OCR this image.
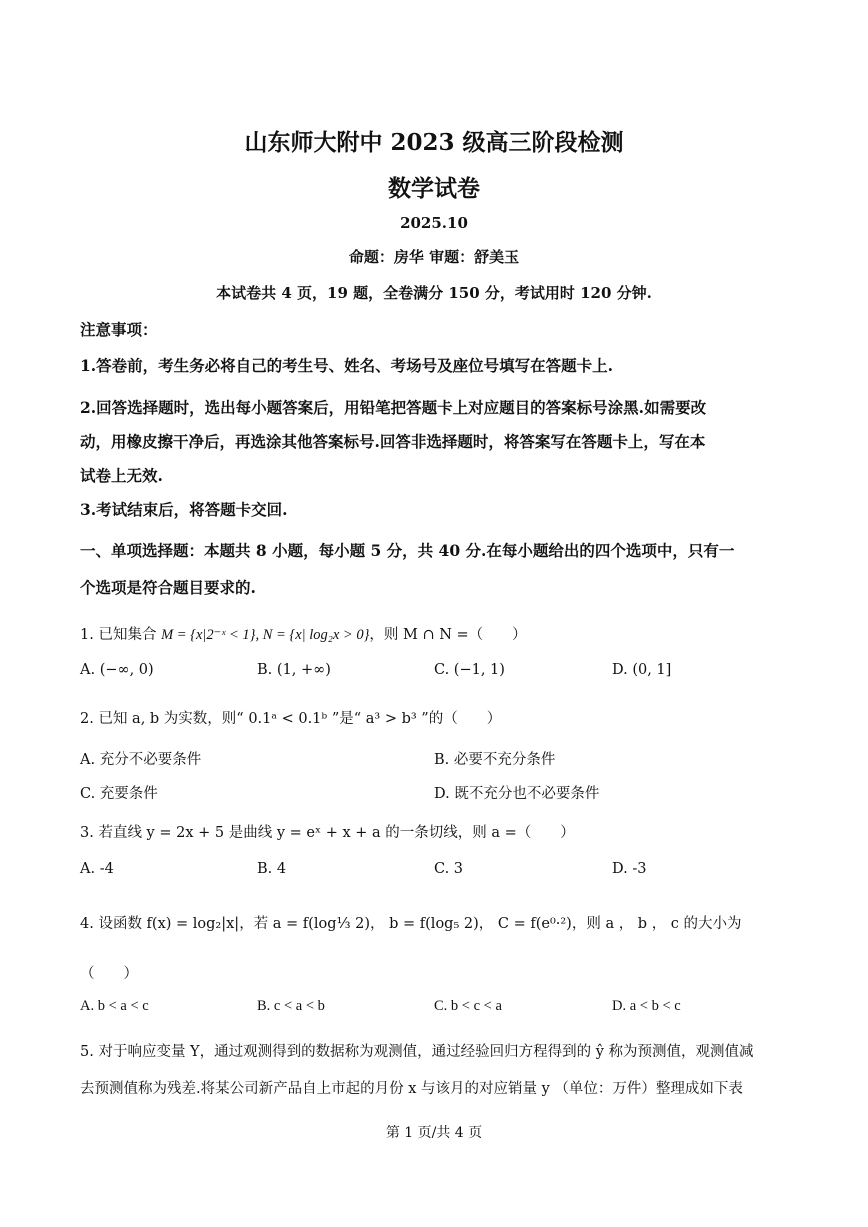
山东师大附中 2023 级高三阶段检测
数学试卷
2025.10
命题：房华 审题：舒美玉
本试卷共 4 页，19 题，全卷满分 150 分，考试用时 120 分钟.
注意事项：
1.答卷前，考生务必将自己的考生号、姓名、考场号及座位号填写在答题卡上.
2.回答选择题时，选出每小题答案后，用铅笔把答题卡上对应题目的答案标号涂黑.如需要改
动，用橡皮擦干净后，再选涂其他答案标号.回答非选择题时，将答案写在答题卡上，写在本
试卷上无效.
3.考试结束后，将答题卡交回.
一、单项选择题：本题共 8 小题，每小题 5 分，共 40 分.在每小题给出的四个选项中，只有一
个选项是符合题目要求的.
1. 已知集合 M = {x|2⁻ˣ < 1}, N = {x| log₂x > 0}，则 M ∩ N =（　　）
A. (−∞, 0)	B. (1, +∞)	C. (−1, 1)	D. (0, 1]
2. 已知 a, b 为实数，则“ 0.1ᵃ < 0.1ᵇ ”是“ a³ > b³ ”的（　　）
A. 充分不必要条件	B. 必要不充分条件
C. 充要条件	D. 既不充分也不必要条件
3. 若直线 y = 2x + 5 是曲线 y = eˣ + x + a 的一条切线，则 a =（　　）
A. -4	B. 4	C. 3	D. -3
4. 设函数 f(x) = log₂|x|，若 a = f(log⅓ 2)， b = f(log₅ 2)， C = f(e⁰·²)，则 a ， b ， c 的大小为
（　　）
A. b < a < c	B. c < a < b	C. b < c < a	D. a < b < c
5. 对于响应变量 Y，通过观测得到的数据称为观测值，通过经验回归方程得到的 ŷ 称为预测值，观测值减
去预测值称为残差.将某公司新产品自上市起的月份 x 与该月的对应销量 y （单位：万件）整理成如下表
第 1 页/共 4 页
